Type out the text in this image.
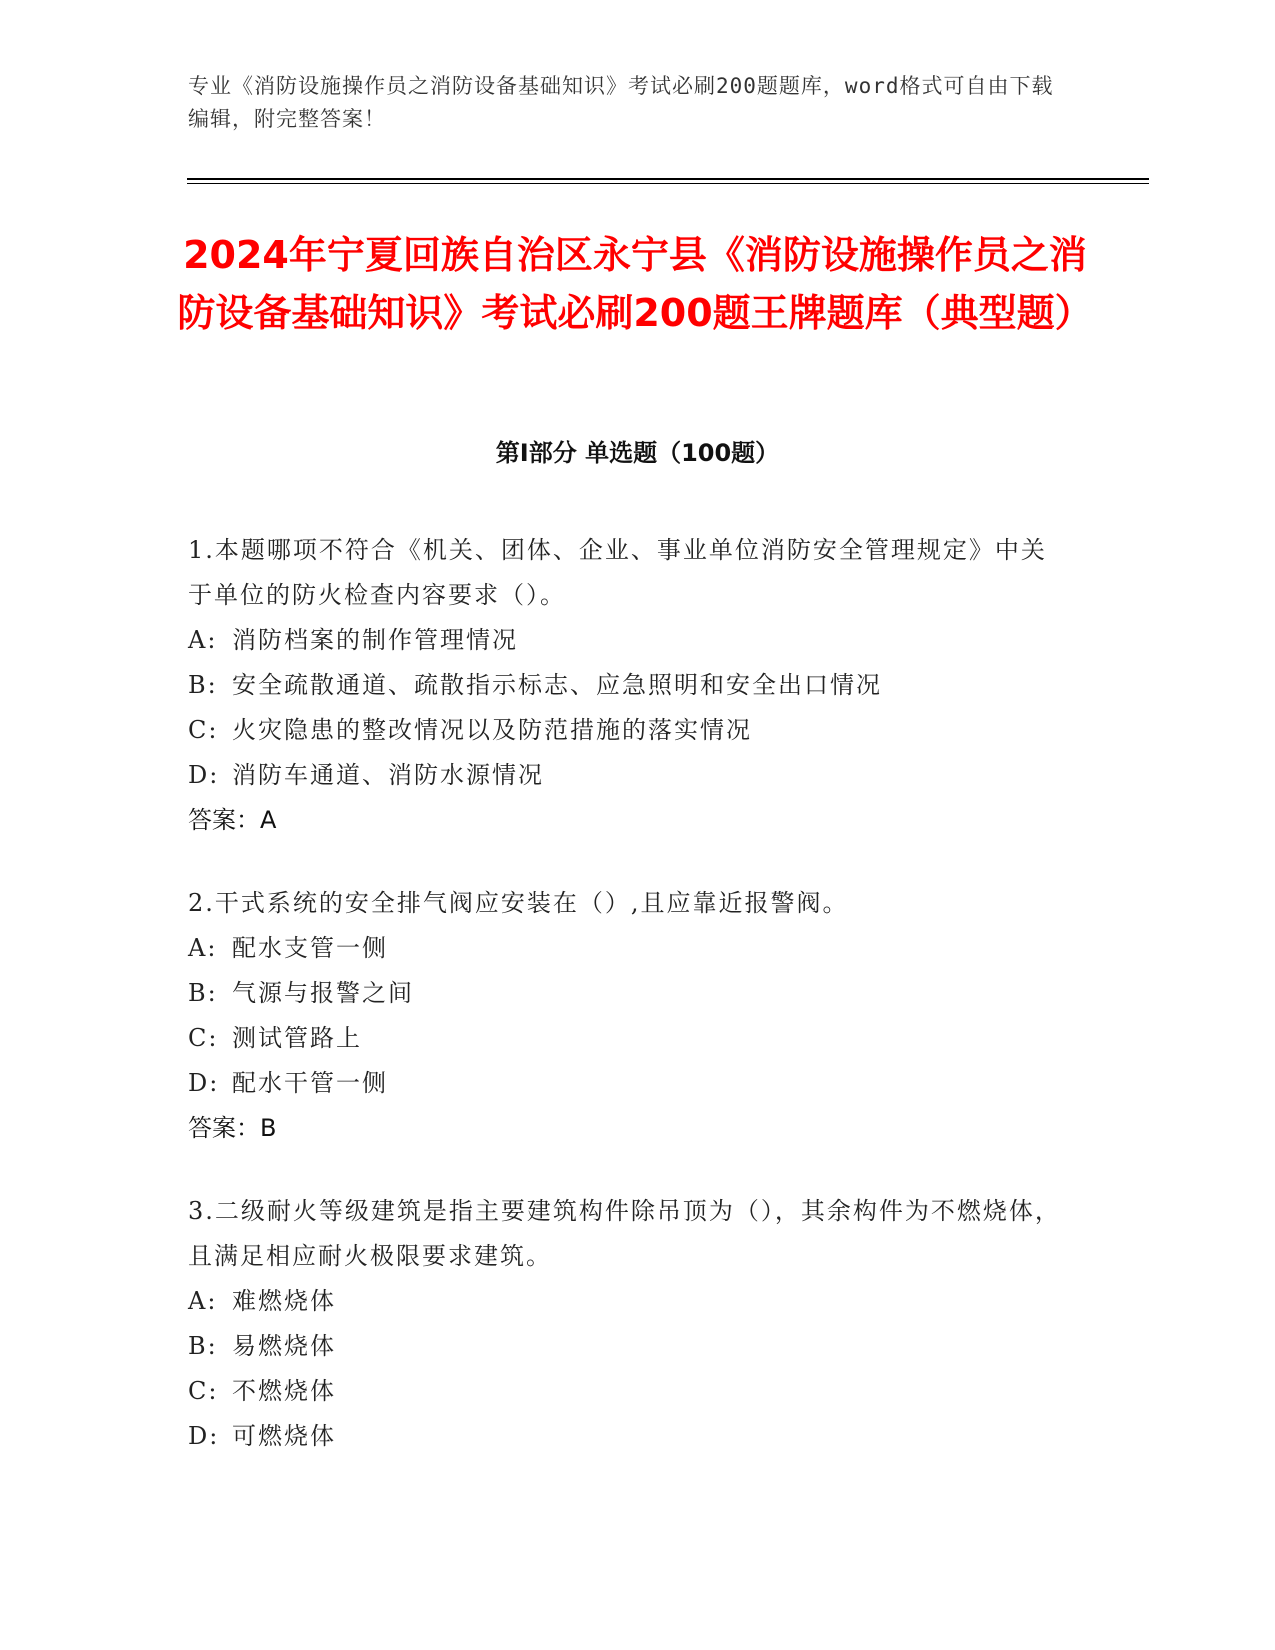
专业《消防设施操作员之消防设备基础知识》考试必刷200题题库，word格式可自由下载编辑，附完整答案！
2024年宁夏回族自治区永宁县《消防设施操作员之消防设备基础知识》考试必刷200题王牌题库（典型题）
第I部分 单选题（100题）
1.本题哪项不符合《机关、团体、企业、事业单位消防安全管理规定》中关于单位的防火检查内容要求（）。
A: 消防档案的制作管理情况
B: 安全疏散通道、疏散指示标志、应急照明和安全出口情况
C: 火灾隐患的整改情况以及防范措施的落实情况
D: 消防车通道、消防水源情况
答案：A
2.干式系统的安全排气阀应安装在（）,且应靠近报警阀。
A: 配水支管一侧
B: 气源与报警之间
C: 测试管路上
D: 配水干管一侧
答案：B
3.二级耐火等级建筑是指主要建筑构件除吊顶为（），其余构件为不燃烧体，且满足相应耐火极限要求建筑。
A: 难燃烧体
B: 易燃烧体
C: 不燃烧体
D: 可燃烧体
